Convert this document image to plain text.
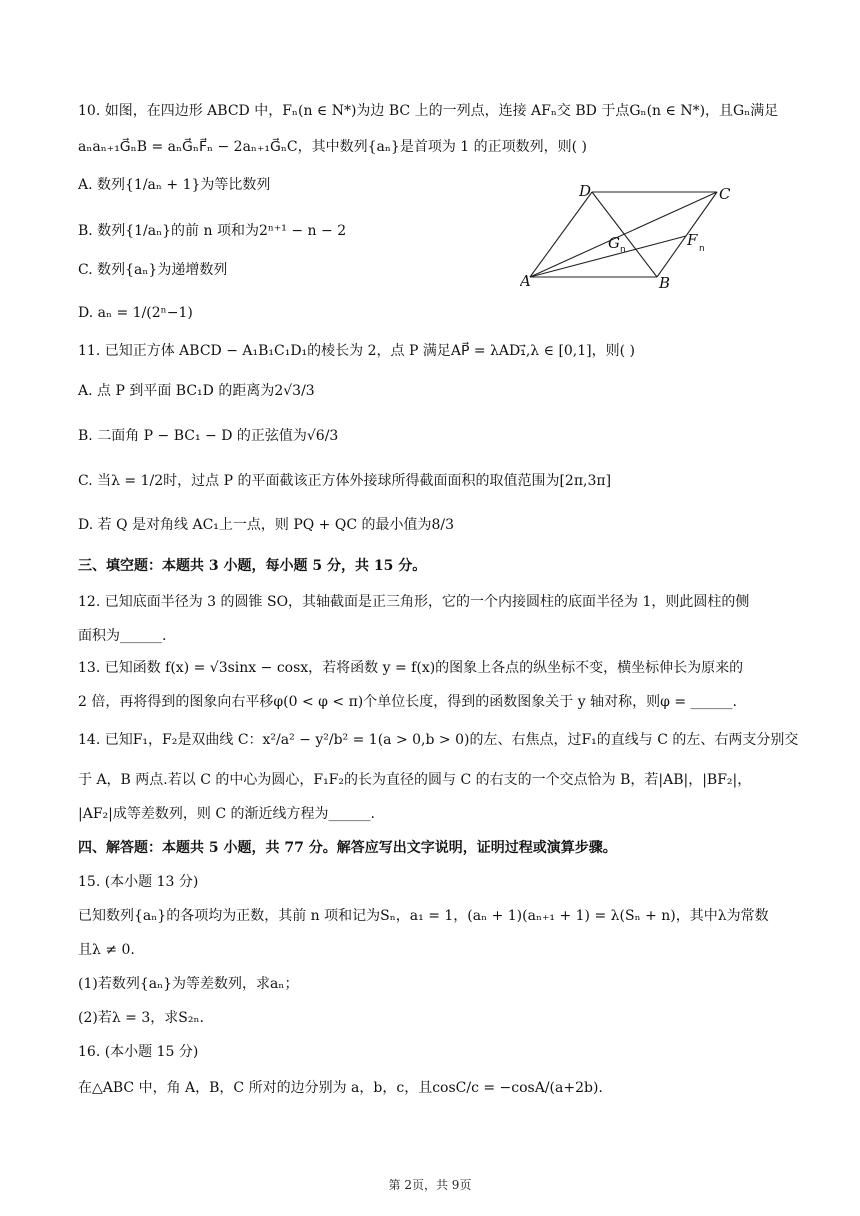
10. 如图，在四边形 ABCD 中，Fₙ(n ∈ N*)为边 BC 上的一列点，连接 AFₙ交 BD 于点Gₙ(n ∈ N*)，且Gₙ满足
aₙaₙ₊₁G⃗ₙB = aₙG⃗ₙF⃗ₙ − 2aₙ₊₁G⃗ₙC，其中数列{aₙ}是首项为 1 的正项数列，则( )
A. 数列{1/aₙ + 1}为等比数列
B. 数列{1/aₙ}的前 n 项和为2ⁿ⁺¹ − n − 2
C. 数列{aₙ}为递增数列
D. aₙ = 1/(2ⁿ−1)
11. 已知正方体 ABCD − A₁B₁C₁D₁的棱长为 2，点 P 满足AP⃗ = λAD₁⃗,λ ∈ [0,1]，则( )
A. 点 P 到平面 BC₁D 的距离为2√3/3
B. 二面角 P − BC₁ − D 的正弦值为√6/3
C. 当λ = 1/2时，过点 P 的平面截该正方体外接球所得截面面积的取值范围为[2π,3π]
D. 若 Q 是对角线 AC₁上一点，则 PQ + QC 的最小值为8/3
三、填空题：本题共 3 小题，每小题 5 分，共 15 分。
12. 已知底面半径为 3 的圆锥 SO，其轴截面是正三角形，它的一个内接圆柱的底面半径为 1，则此圆柱的侧
面积为______.
13. 已知函数 f(x) = √3sinx − cosx，若将函数 y = f(x)的图象上各点的纵坐标不变，横坐标伸长为原来的
2 倍，再将得到的图象向右平移φ(0 < φ < π)个单位长度，得到的函数图象关于 y 轴对称，则φ = ______.
14. 已知F₁，F₂是双曲线 C：x²/a² − y²/b² = 1(a > 0,b > 0)的左、右焦点，过F₁的直线与 C 的左、右两支分别交
于 A，B 两点.若以 C 的中心为圆心，F₁F₂的长为直径的圆与 C 的右支的一个交点恰为 B，若|AB|，|BF₂|，
|AF₂|成等差数列，则 C 的渐近线方程为______.
四、解答题：本题共 5 小题，共 77 分。解答应写出文字说明，证明过程或演算步骤。
15. (本小题 13 分)
已知数列{aₙ}的各项均为正数，其前 n 项和记为Sₙ，a₁ = 1，(aₙ + 1)(aₙ₊₁ + 1) = λ(Sₙ + n)，其中λ为常数
且λ ≠ 0.
(1)若数列{aₙ}为等差数列，求aₙ；
(2)若λ = 3，求S₂ₙ.
16. (本小题 15 分)
在△ABC 中，角 A，B，C 所对的边分别为 a，b，c，且cosC/c = −cosA/(a+2b).
A	B
C
D
G n
F n
第 2页，共 9页
